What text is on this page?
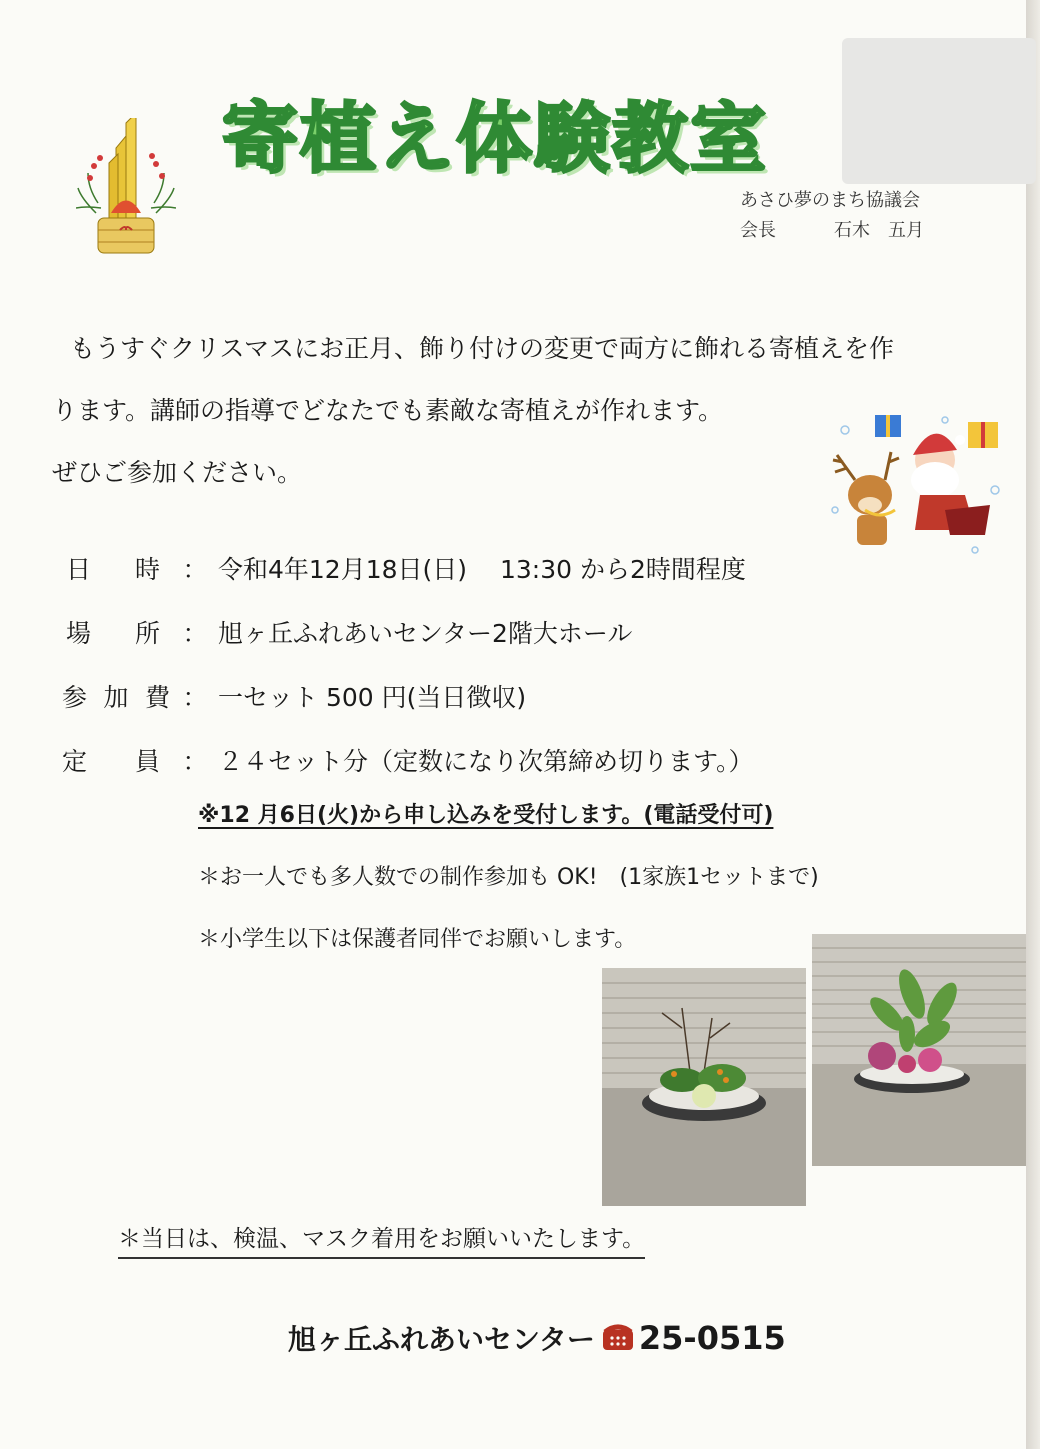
寄植え体験教室
あさひ夢のまち協議会
会長	石木　五月

もうすぐクリスマスにお正月、飾り付けの変更で両方に飾れる寄植えを作

ります。講師の指導でどなたでも素敵な寄植えが作れます。

ぜひご参加ください。

日 時 ： 令和4年12月18日(日)　 13:30 から2時間程度
場 所 ： 旭ヶ丘ふれあいセンター2階大ホール
参 加 費 ： 一セット 500 円(当日徴収)
定 員 ： ２４セット分（定数になり次第締め切ります。）
※12 月6日(火)から申し込みを受付します。(電話受付可)
＊お一人でも多人数での制作参加も OK!　(1家族1セットまで)
＊小学生以下は保護者同伴でお願いします。
＊当日は、検温、マスク着用をお願いいたします。
旭ヶ丘ふれあいセンター 25-0515
